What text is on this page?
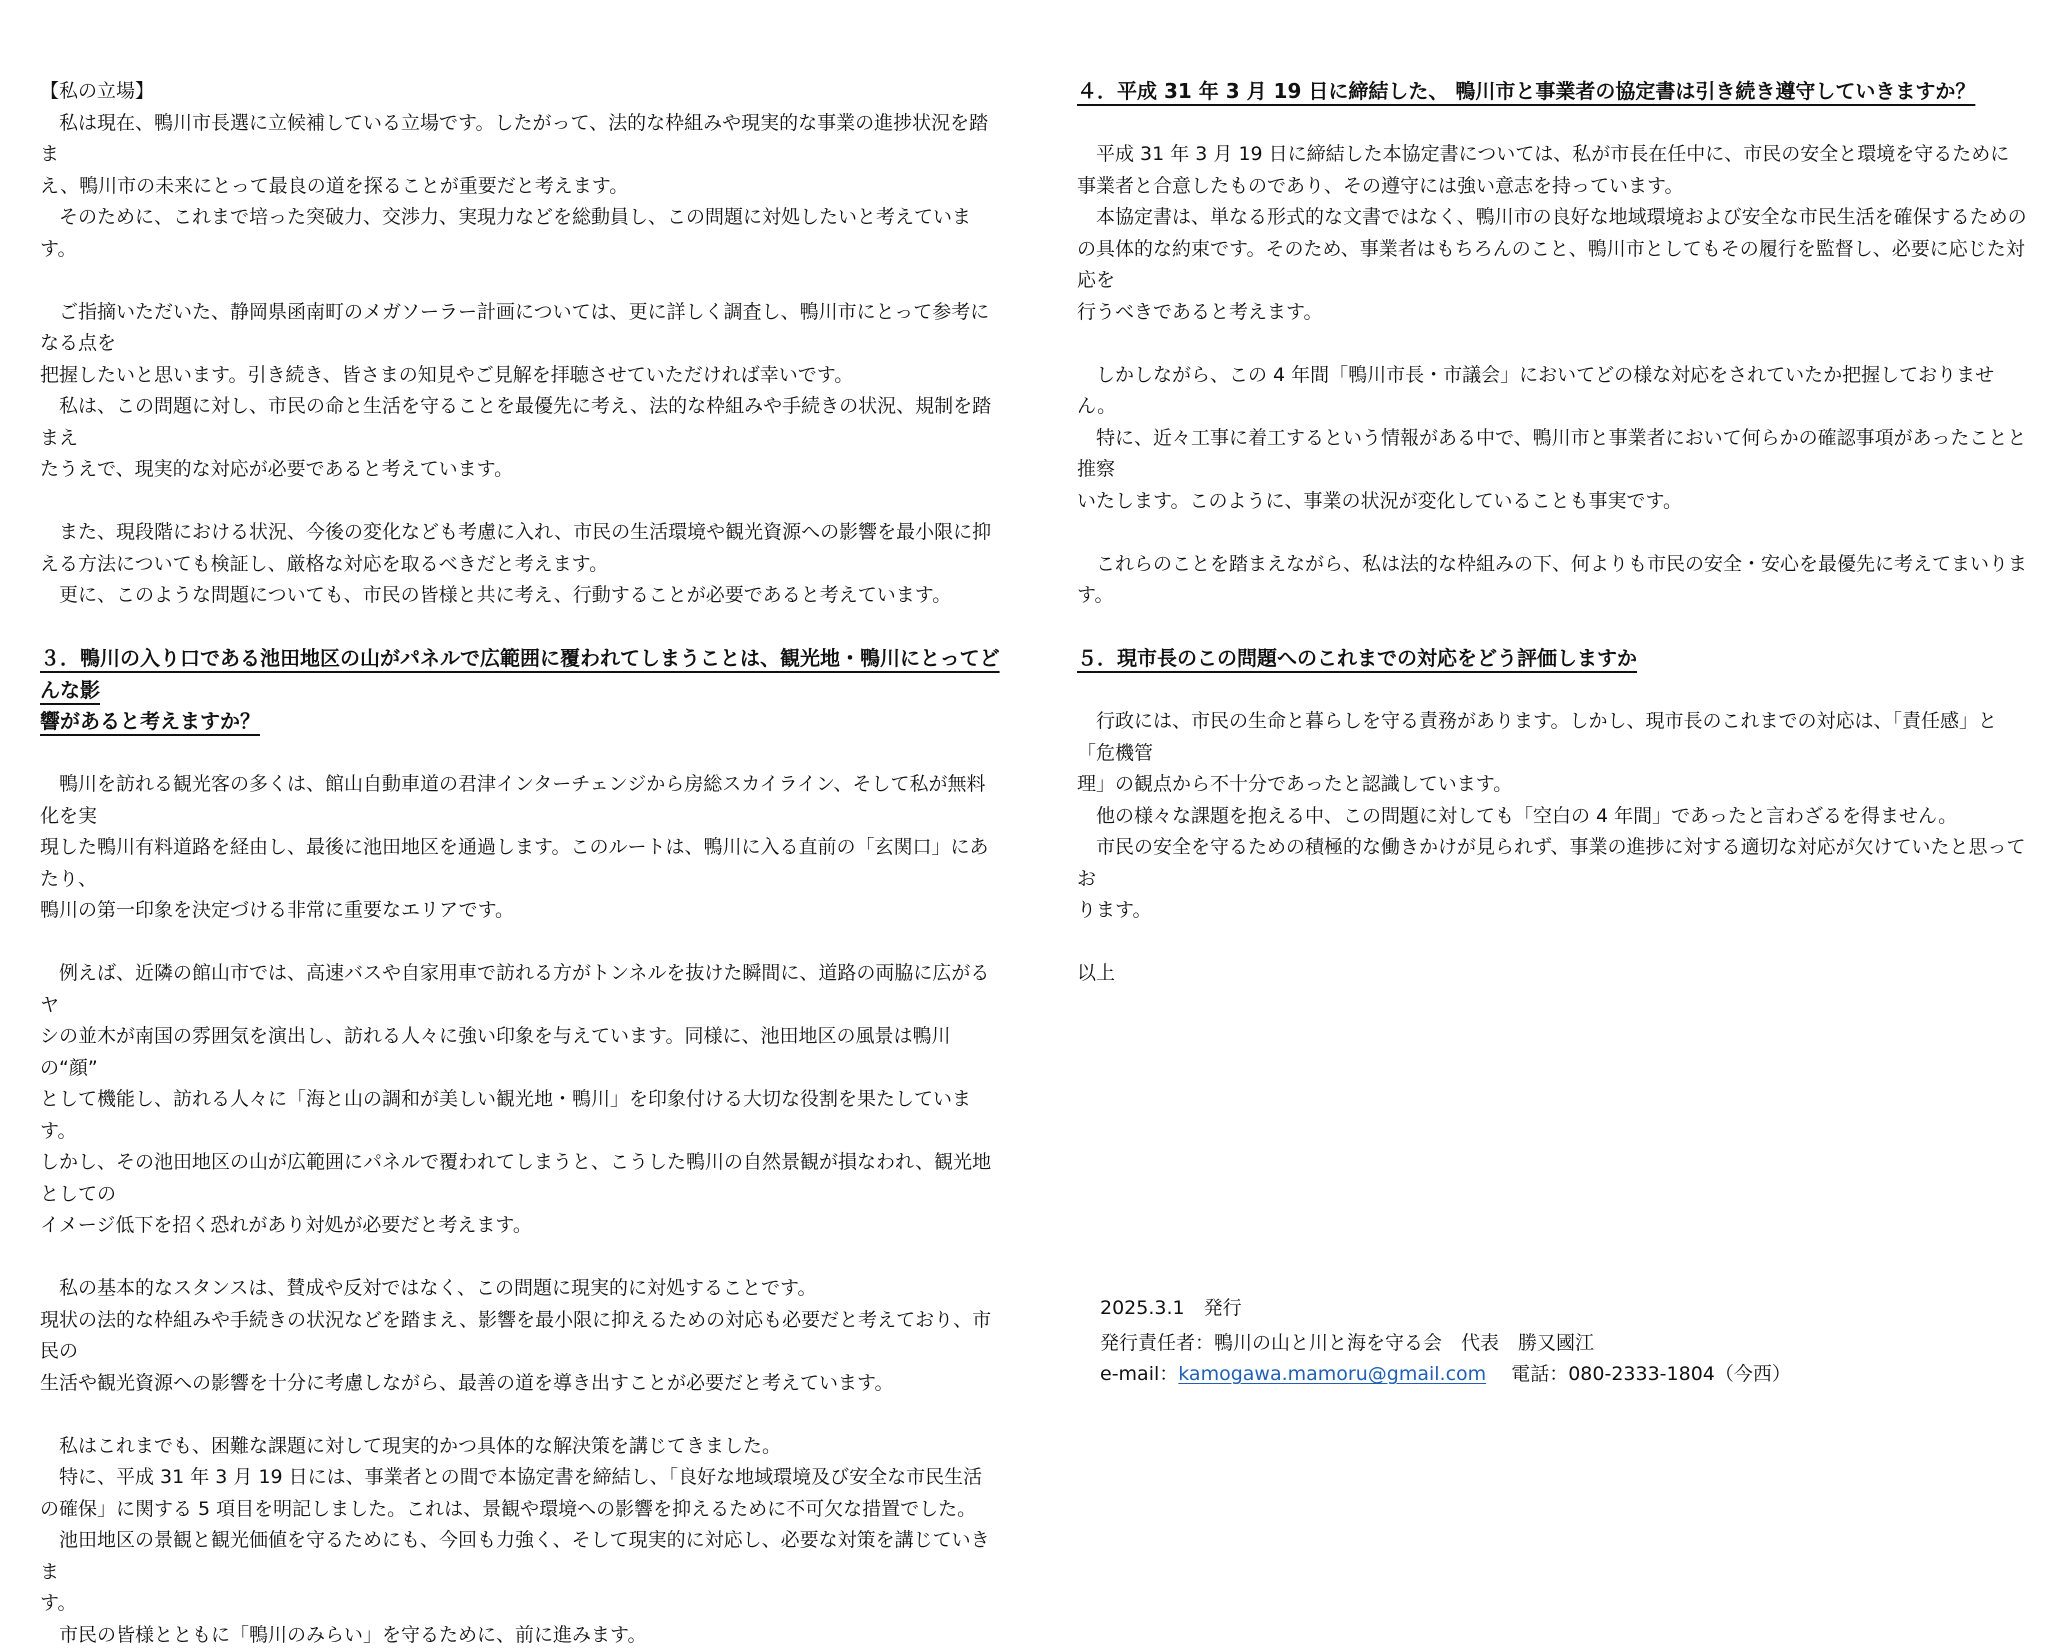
【私の立場】

　私は現在、鴨川市長選に立候補している立場です。したがって、法的な枠組みや現実的な事業の進捗状況を踏ま

え、鴨川市の未来にとって最良の道を探ることが重要だと考えます。

　そのために、これまで培った突破力、交渉力、実現力などを総動員し、この問題に対処したいと考えています。

　ご指摘いただいた、静岡県函南町のメガソーラー計画については、更に詳しく調査し、鴨川市にとって参考になる点を

把握したいと思います。引き続き、皆さまの知見やご見解を拝聴させていただければ幸いです。

　私は、この問題に対し、市民の命と生活を守ることを最優先に考え、法的な枠組みや手続きの状況、規制を踏まえ

たうえで、現実的な対応が必要であると考えています。

　また、現段階における状況、今後の変化なども考慮に入れ、市民の生活環境や観光資源への影響を最小限に抑

える方法についても検証し、厳格な対応を取るべきだと考えます。

　更に、このような問題についても、市民の皆様と共に考え、行動することが必要であると考えています。

３．鴨川の入り口である池田地区の山がパネルで広範囲に覆われてしまうことは、観光地・鴨川にとってどんな影

響があると考えますか？

　鴨川を訪れる観光客の多くは、館山自動車道の君津インターチェンジから房総スカイライン、そして私が無料化を実

現した鴨川有料道路を経由し、最後に池田地区を通過します。このルートは、鴨川に入る直前の「玄関口」にあたり、

鴨川の第一印象を決定づける非常に重要なエリアです。

　例えば、近隣の館山市では、高速バスや自家用車で訪れる方がトンネルを抜けた瞬間に、道路の両脇に広がるヤ

シの並木が南国の雰囲気を演出し、訪れる人々に強い印象を与えています。同様に、池田地区の風景は鴨川の“顔”

として機能し、訪れる人々に「海と山の調和が美しい観光地・鴨川」を印象付ける大切な役割を果たしています。

しかし、その池田地区の山が広範囲にパネルで覆われてしまうと、こうした鴨川の自然景観が損なわれ、観光地としての

イメージ低下を招く恐れがあり対処が必要だと考えます。

　私の基本的なスタンスは、賛成や反対ではなく、この問題に現実的に対処することです。

現状の法的な枠組みや手続きの状況などを踏まえ、影響を最小限に抑えるための対応も必要だと考えており、市民の

生活や観光資源への影響を十分に考慮しながら、最善の道を導き出すことが必要だと考えています。

　私はこれまでも、困難な課題に対して現実的かつ具体的な解決策を講じてきました。

　特に、平成 31 年 3 月 19 日には、事業者との間で本協定書を締結し、「良好な地域環境及び安全な市民生活

の確保」に関する 5 項目を明記しました。これは、景観や環境への影響を抑えるために不可欠な措置でした。

　池田地区の景観と観光価値を守るためにも、今回も力強く、そして現実的に対応し、必要な対策を講じていきま

す。

　市民の皆様とともに「鴨川のみらい」を守るために、前に進みます。

４．平成 31 年 3 月 19 日に締結した、 鴨川市と事業者の協定書は引き続き遵守していきますか？

　平成 31 年 3 月 19 日に締結した本協定書については、私が市長在任中に、市民の安全と環境を守るために

事業者と合意したものであり、その遵守には強い意志を持っています。

　本協定書は、単なる形式的な文書ではなく、鴨川市の良好な地域環境および安全な市民生活を確保するための

の具体的な約束です。そのため、事業者はもちろんのこと、鴨川市としてもその履行を監督し、必要に応じた対応を

行うべきであると考えます。

　しかしながら、この 4 年間「鴨川市長・市議会」においてどの様な対応をされていたか把握しておりません。

　特に、近々工事に着工するという情報がある中で、鴨川市と事業者において何らかの確認事項があったことと推察

いたします。このように、事業の状況が変化していることも事実です。

　これらのことを踏まえながら、私は法的な枠組みの下、何よりも市民の安全・安心を最優先に考えてまいります。

５．現市長のこの問題へのこれまでの対応をどう評価しますか

　行政には、市民の生命と暮らしを守る責務があります。しかし、現市長のこれまでの対応は、「責任感」と「危機管

理」の観点から不十分であったと認識しています。

　他の様々な課題を抱える中、この問題に対しても「空白の 4 年間」であったと言わざるを得ません。

　市民の安全を守るための積極的な働きかけが見られず、事業の進捗に対する適切な対応が欠けていたと思ってお

ります。

以上

2025.3.1　発行

発行責任者：鴨川の山と川と海を守る会　代表　勝又國江

e-mail：kamogawa.mamoru@gmail.com　 電話：080-2333-1804（今西）
